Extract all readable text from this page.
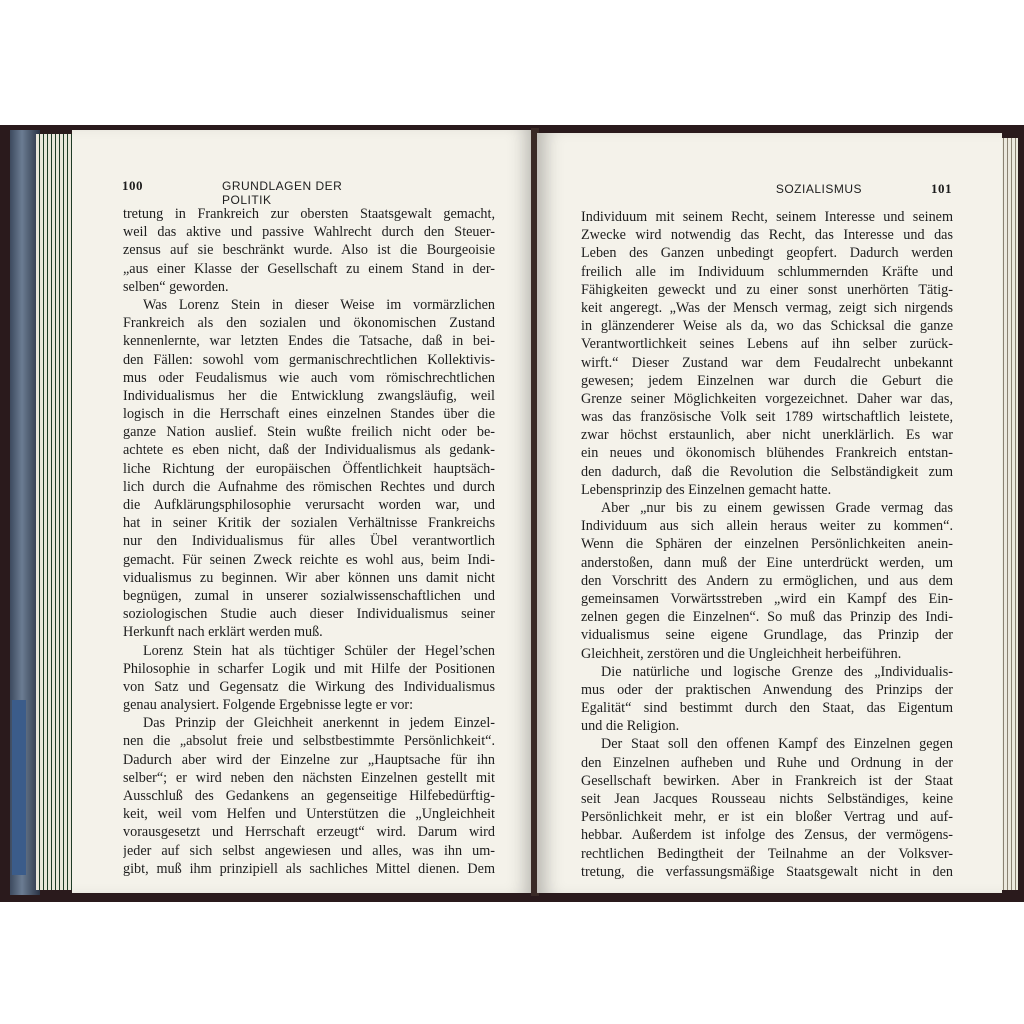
100	GRUNDLAGEN DER POLITIK
tretung in Frankreich zur obersten Staatsgewalt gemacht,
weil das aktive und passive Wahlrecht durch den Steuer-
zensus auf sie beschränkt wurde. Also ist die Bourgeoisie
„aus einer Klasse der Gesellschaft zu einem Stand in der-
selben“ geworden.
Was Lorenz Stein in dieser Weise im vormärzlichen
Frankreich als den sozialen und ökonomischen Zustand
kennenlernte, war letzten Endes die Tatsache, daß in bei-
den Fällen: sowohl vom germanischrechtlichen Kollektivis-
mus oder Feudalismus wie auch vom römischrechtlichen
Individualismus her die Entwicklung zwangsläufig, weil
logisch in die Herrschaft eines einzelnen Standes über die
ganze Nation auslief. Stein wußte freilich nicht oder be-
achtete es eben nicht, daß der Individualismus als gedank-
liche Richtung der europäischen Öffentlichkeit hauptsäch-
lich durch die Aufnahme des römischen Rechtes und durch
die Aufklärungsphilosophie verursacht worden war, und
hat in seiner Kritik der sozialen Verhältnisse Frankreichs
nur den Individualismus für alles Übel verantwortlich
gemacht. Für seinen Zweck reichte es wohl aus, beim Indi-
vidualismus zu beginnen. Wir aber können uns damit nicht
begnügen, zumal in unserer sozialwissenschaftlichen und
soziologischen Studie auch dieser Individualismus seiner
Herkunft nach erklärt werden muß.
Lorenz Stein hat als tüchtiger Schüler der Hegel’schen
Philosophie in scharfer Logik und mit Hilfe der Positionen
von Satz und Gegensatz die Wirkung des Individualismus
genau analysiert. Folgende Ergebnisse legte er vor:
Das Prinzip der Gleichheit anerkennt in jedem Einzel-
nen die „absolut freie und selbstbestimmte Persönlichkeit“.
Dadurch aber wird der Einzelne zur „Hauptsache für ihn
selber“; er wird neben den nächsten Einzelnen gestellt mit
Ausschluß des Gedankens an gegenseitige Hilfebedürftig-
keit, weil vom Helfen und Unterstützen die „Ungleichheit
vorausgesetzt und Herrschaft erzeugt“ wird. Darum wird
jeder auf sich selbst angewiesen und alles, was ihn um-
gibt, muß ihm prinzipiell als sachliches Mittel dienen. Dem
SOZIALISMUS	101
Individuum mit seinem Recht, seinem Interesse und seinem
Zwecke wird notwendig das Recht, das Interesse und das
Leben des Ganzen unbedingt geopfert. Dadurch werden
freilich alle im Individuum schlummernden Kräfte und
Fähigkeiten geweckt und zu einer sonst unerhörten Tätig-
keit angeregt. „Was der Mensch vermag, zeigt sich nirgends
in glänzenderer Weise als da, wo das Schicksal die ganze
Verantwortlichkeit seines Lebens auf ihn selber zurück-
wirft.“ Dieser Zustand war dem Feudalrecht unbekannt
gewesen; jedem Einzelnen war durch die Geburt die
Grenze seiner Möglichkeiten vorgezeichnet. Daher war das,
was das französische Volk seit 1789 wirtschaftlich leistete,
zwar höchst erstaunlich, aber nicht unerklärlich. Es war
ein neues und ökonomisch blühendes Frankreich entstan-
den dadurch, daß die Revolution die Selbständigkeit zum
Lebensprinzip des Einzelnen gemacht hatte.
Aber „nur bis zu einem gewissen Grade vermag das
Individuum aus sich allein heraus weiter zu kommen“.
Wenn die Sphären der einzelnen Persönlichkeiten anein-
anderstoßen, dann muß der Eine unterdrückt werden, um
den Vorschritt des Andern zu ermöglichen, und aus dem
gemeinsamen Vorwärtsstreben „wird ein Kampf des Ein-
zelnen gegen die Einzelnen“. So muß das Prinzip des Indi-
vidualismus seine eigene Grundlage, das Prinzip der
Gleichheit, zerstören und die Ungleichheit herbeiführen.
Die natürliche und logische Grenze des „Individualis-
mus oder der praktischen Anwendung des Prinzips der
Egalität“ sind bestimmt durch den Staat, das Eigentum
und die Religion.
Der Staat soll den offenen Kampf des Einzelnen gegen
den Einzelnen aufheben und Ruhe und Ordnung in der
Gesellschaft bewirken. Aber in Frankreich ist der Staat
seit Jean Jacques Rousseau nichts Selbständiges, keine
Persönlichkeit mehr, er ist ein bloßer Vertrag und auf-
hebbar. Außerdem ist infolge des Zensus, der vermögens-
rechtlichen Bedingtheit der Teilnahme an der Volksver-
tretung, die verfassungsmäßige Staatsgewalt nicht in den
